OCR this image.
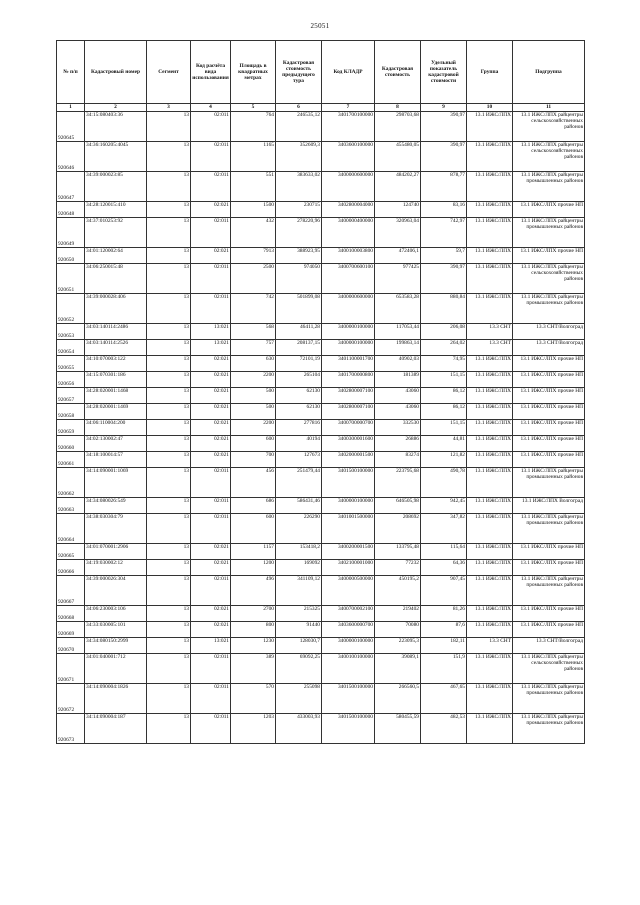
25051
№ п/п	Кадастровый номер	Сегмент	Код расчёта вида использования	Площадь в квадратных метрах	Кадастровая стоимость предыдущего тура	Код КЛАДР	Кадастровая стоимость	Удельный показатель кадастровой стоимости	Группа	Подгруппа
1	2	3	4	5	6	7	8	9	10	11
920645	34:15:080403:36	13	02:011	764	246535,12	3401700100000	298703,68	390,97	13.1 ИЖС/ЛПХ	13.1 ИЖС/ЛПХ райцентры сельскохозяйственных районов
920646	34:36:160205:4045	13	02:011	1165	352609,3	3403600100000	455480,05	390,97	13.1 ИЖС/ЛПХ	13.1 ИЖС/ЛПХ райцентры сельскохозяйственных районов
920647	34:39:000023:85	13	02:011	551	383633,02	3400000600000	484202,27	878,77	13.1 ИЖС/ЛПХ	13.1 ИЖС/ЛПХ райцентры промышленных районов
920648	34:28:120015:410	13	02:021	1500	230715	3402800004000	124740	83,16	13.1 ИЖС/ЛПХ	13.1 ИЖС/ЛПХ прочие НП
920649	34:37:010253:92	13	02:011	432	278220,96	3400000400000	320963,04	742,97	13.1 ИЖС/ЛПХ	13.1 ИЖС/ЛПХ райцентры промышленных районов
920650	34:01:120002:64	13	02:021	7913	388923,95	3400100003800	472406,1	59,7	13.1 ИЖС/ЛПХ	13.1 ИЖС/ЛПХ прочие НП
920651	34:06:250015:48	13	02:011	2500	974050	3400700600100	977425	390,97	13.1 ИЖС/ЛПХ	13.1 ИЖС/ЛПХ райцентры сельскохозяйственных районов
920652	34:39:000028:406	13	02:011	742	501899,08	3400000600000	653583,28	880,84	13.1 ИЖС/ЛПХ	13.1 ИЖС/ЛПХ райцентры промышленных районов
920653	34:03:140114:2486	13	13:021	568	46411,28	3400000100000	117053,44	206,08	13.3 СНТ	13.3 СНТ/Волгоград
920654	34:03:140114:2526	13	13:021	757	208137,15	3400000100000	199863,14	264,02	13.3 СНТ	13.3 СНТ/Волгоград
920655	34:10:070003:122	13	02:021	630	72101,19	3401100001700	40902,03	74,95	13.1 ИЖС/ЛПХ	13.1 ИЖС/ЛПХ прочие НП
920656	34:15:070301:186	13	02:021	2200	265104	3401700000800	181389	151,15	13.1 ИЖС/ЛПХ	13.1 ИЖС/ЛПХ прочие НП
920657	34:28:020001:1468	13	02:021	500	62130	3402800007100	43060	86,12	13.1 ИЖС/ЛПХ	13.1 ИЖС/ЛПХ прочие НП
920658	34:28:020001:1469	13	02:021	500	62130	3402800007100	43060	86,12	13.1 ИЖС/ЛПХ	13.1 ИЖС/ЛПХ прочие НП
920659	34:06:110004:200	13	02:021	2200	277816	3400700000700	332530	151,15	13.1 ИЖС/ЛПХ	13.1 ИЖС/ЛПХ прочие НП
920660	34:02:130002:47	13	02:021	600	40194	3400300001600	26886	44,81	13.1 ИЖС/ЛПХ	13.1 ИЖС/ЛПХ прочие НП
920661	34:18:100014:57	13	02:021	700	127673	3402000001500	83274	121,82	13.1 ИЖС/ЛПХ	13.1 ИЖС/ЛПХ прочие НП
920662	34:14:090001:1069	13	02:011	456	251479,44	3401500100000	223795,68	490,78	13.1 ИЖС/ЛПХ	13.1 ИЖС/ЛПХ райцентры промышленных районов
920663	34:34:080026:549	13	02:011	686	586431,46	3400000100000	646505,98	942,45	13.1 ИЖС/ЛПХ	13.1 ИЖС/ЛПХ Волгоград
920664	34:38:030304:79	13	02:011	600	226290	3401001500000	208692	347,82	13.1 ИЖС/ЛПХ	13.1 ИЖС/ЛПХ райцентры промышленных районов
920665	34:01:070001:2906	13	02:021	1157	153418,2	3400200001500	133795,48	115,64	13.1 ИЖС/ЛПХ	13.1 ИЖС/ЛПХ прочие НП
920666	34:19:030002:12	13	02:021	1200	169092	3402100001000	77232	64,36	13.1 ИЖС/ЛПХ	13.1 ИЖС/ЛПХ прочие НП
920667	34:39:000026:304	13	02:011	496	341109,12	3400000500000	450195,2	907,45	13.1 ИЖС/ЛПХ	13.1 ИЖС/ЛПХ райцентры промышленных районов
920668	34:06:230003:106	13	02:021	2700	215325	3400700002100	219402	81,26	13.1 ИЖС/ЛПХ	13.1 ИЖС/ЛПХ прочие НП
920669	34:33:030005:101	13	02:021	800	91440	3403600000700	70080	87,6	13.1 ИЖС/ЛПХ	13.1 ИЖС/ЛПХ прочие НП
920670	34:34:080150:2999	13	13:021	1230	128030,7	3400000100000	223095,3	182,11	13.3 СНТ	13.3 СНТ/Волгоград
920671	34:01:040001:712	13	02:011	389	69092,25	3400100100000	39089,1	151,9	13.1 ИЖС/ЛПХ	13.1 ИЖС/ЛПХ райцентры сельскохозяйственных районов
920672	34:14:090004:1826	13	02:011	570	255098	3401500100000	266560,5	467,65	13.1 ИЖС/ЛПХ	13.1 ИЖС/ЛПХ райцентры промышленных районов
920673	34:14:090004:187	13	02:011	1203	433003,93	3401500100000	580455,59	482,53	13.1 ИЖС/ЛПХ	13.1 ИЖС/ЛПХ райцентры промышленных районов
